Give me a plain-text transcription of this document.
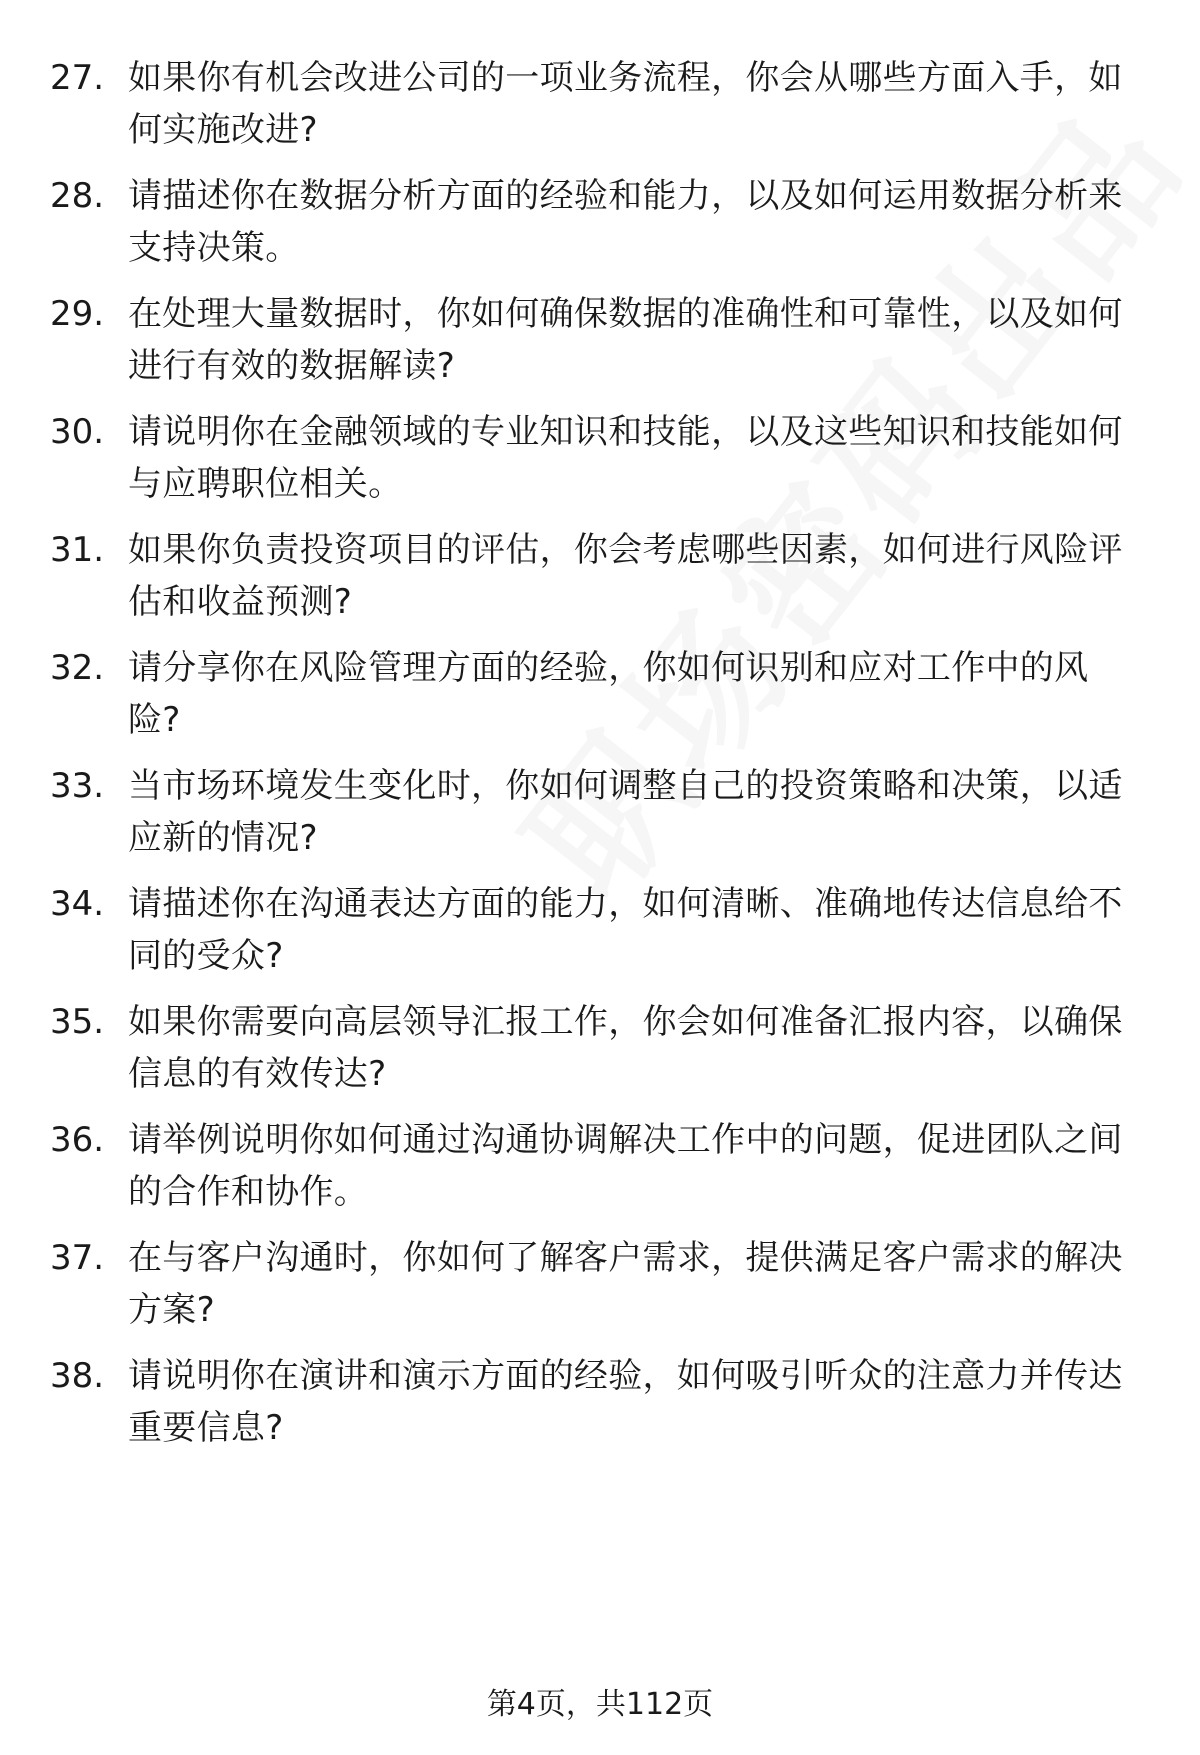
27. 如果你有机会改进公司的一项业务流程，你会从哪些方面入手，如何实施改进?
28. 请描述你在数据分析方面的经验和能力，以及如何运用数据分析来支持决策。
29. 在处理大量数据时，你如何确保数据的准确性和可靠性，以及如何进行有效的数据解读?
30. 请说明你在金融领域的专业知识和技能，以及这些知识和技能如何与应聘职位相关。
31. 如果你负责投资项目的评估，你会考虑哪些因素，如何进行风险评估和收益预测?
32. 请分享你在风险管理方面的经验，你如何识别和应对工作中的风险?
33. 当市场环境发生变化时，你如何调整自己的投资策略和决策，以适应新的情况?
34. 请描述你在沟通表达方面的能力，如何清晰、准确地传达信息给不同的受众?
35. 如果你需要向高层领导汇报工作，你会如何准备汇报内容，以确保信息的有效传达?
36. 请举例说明你如何通过沟通协调解决工作中的问题，促进团队之间的合作和协作。
37. 在与客户沟通时，你如何了解客户需求，提供满足客户需求的解决方案?
38. 请说明你在演讲和演示方面的经验，如何吸引听众的注意力并传达重要信息?
第4页，共112页
